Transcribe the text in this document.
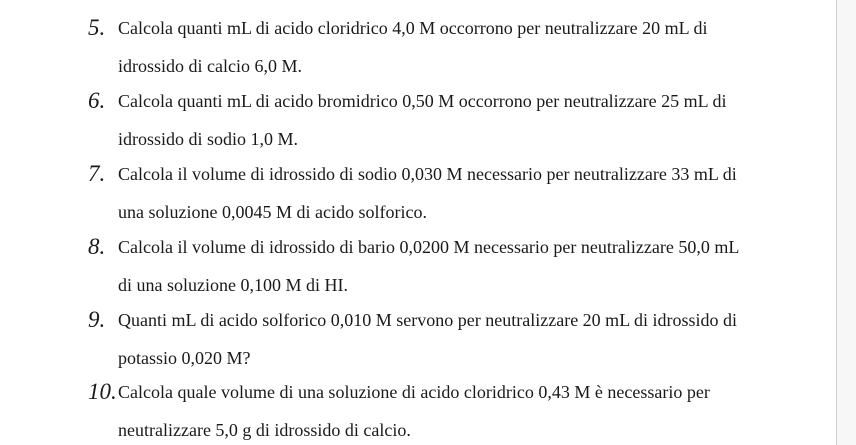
5. Calcola quanti mL di acido cloridrico 4,0 M occorrono per neutralizzare 20 mL di
idrossido di calcio 6,0 M.
6. Calcola quanti mL di acido bromidrico 0,50 M occorrono per neutralizzare 25 mL di
idrossido di sodio 1,0 M.
7. Calcola il volume di idrossido di sodio 0,030 M necessario per neutralizzare 33 mL di
una soluzione 0,0045 M di acido solforico.
8. Calcola il volume di idrossido di bario 0,0200 M necessario per neutralizzare 50,0 mL
di una soluzione 0,100 M di HI.
9. Quanti mL di acido solforico 0,010 M servono per neutralizzare 20 mL di idrossido di
potassio 0,020 M?
10. Calcola quale volume di una soluzione di acido cloridrico 0,43 M è necessario per
neutralizzare 5,0 g di idrossido di calcio.
